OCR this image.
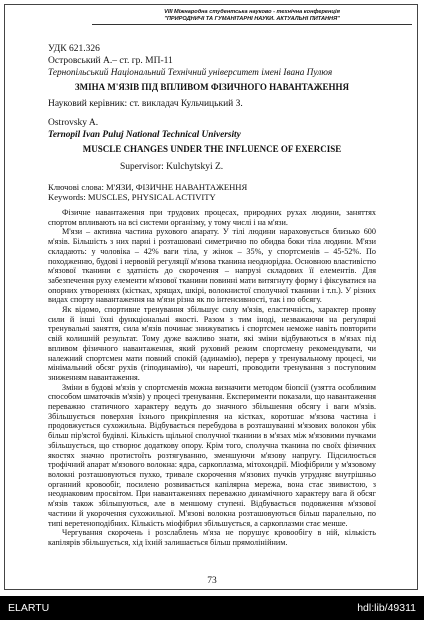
VIII Міжнародна студентська науково - технічна конференція
"ПРИРОДНИЧІ ТА ГУМАНІТАРНІ НАУКИ. АКТУАЛЬНІ ПИТАННЯ"
УДК 621.326
Островський А.– ст. гр. МП-11
Тернопільський Національний Технічний університет імені Івана Пулюя
ЗМІНА М'ЯЗІВ ПІД ВПЛИВОМ ФІЗИЧНОГО НАВАНТАЖЕННЯ
Науковий керівник: ст. викладач Кульчицький З.
Ostrovsky A.
Ternopil Ivan Puluj National Technical University
MUSCLE CHANGES UNDER THE INFLUENCE OF EXERCISE
Supervisor: Kulchytskyi Z.
Ключові слова: М'ЯЗИ, ФІЗИЧНЕ НАВАНТАЖЕННЯ
Keywords: MUSCLES, PHYSICAL ACTIVITY

Фізичне навантаження при трудових процесах, природних рухах людини, заняттях спортом впливають на всі системи організму, у тому числі і на м'язи.

М'язи – активна частина рухового апарату. У тілі людини нараховується близько 600 м'язів. Більшість з них парні і розташовані симетрично по обидва боки тіла людини. М'язи складають: у чоловіка – 42% ваги тіла, у жінок – 35%, у спортсменів – 45-52%. По походженню, будові і нервовій регуляції м'язова тканина неоднорідна. Основною властивістю м'язової тканини є здатність до скорочення – напрузі складових її елементів. Для забезпечення руху елементи м'язової тканини повинні мати витягнуту форму і фіксуватися на опорних утвореннях (кістках, хрящах, шкірі, волокнистої сполучної тканини і т.п.). У різних видах спорту навантаження на м'язи різна як по інтенсивності, так і по обсягу.

Як відомо, спортивне тренування збільшує силу м'язів, еластичність, характер прояву сили й інші їхні функціональні якості. Разом з тим іноді, незважаючи на регулярні тренувальні заняття, сила м'язів починає знижуватись і спортсмен неможе навіть повторити свій колишній результат. Тому дуже важливо знати, які зміни відбуваються в м'язах під впливом фізичного навантаження, який руховий режим спортсмену рекомендувати, чи належний спортсмен мати повний спокій (адинамію), перерв у тренувальному процесі, чи мінімальний обсяг рухів (гіподинамію), чи нарешті, проводити тренування з поступовим зниженням навантаження.

Зміни в будові м'язів у спортсменів можна визначити методом біопсії (узятта особливим способом шматочків м'язів) у процесі тренування. Експерименти показали, що навантаження переважно статичного характеру ведуть до значного збільшення обсягу і ваги м'язів. Збільшується поверхня їхнього прикріплення на кістках, коротшає м'язова частина і продовжується сухожильна. Відбувається перебудова в розташуванні м'язових волокон убік більш пір'ястої будівлі. Кількість щільної сполучної тканини в м'язах між м'язовими пучками збільшується, що створює додаткову опору. Крім того, сполучна тканина по своїх фізичних якостях значно протистоїть розтягуванню, зменшуючи м'язову напругу. Підсилюється трофічний апарат м'язового волокна: ядра, саркоплазма, мітохондрії. Міофібрили у м'язовому волокні розташовуються пухко, тривале скорочення м'язових пучків утрудняє внутрішньо органний кровообіг, посилено розвивається капілярна мережа, вона стає звивистою, з неоднаковим просвітом. При навантаженнях переважно динамічного характеру вага й обсяг м'язів також збільшуються, але в меншому ступені. Відбувається подовження м'язової частини й укорочення сухожильної. М'язові волокна розташовуються більш паралельно, по типі веретеноподібних. Кількість міофібрил збільшується, а саркоплазми стає менше.

Чергування скорочень і розслаблень м'яза не порушує кровообігу в ній, кількість капілярів збільшується, хід їхній залишається більш прямолінійним.

73
ELARTU	hdl:lib/49311
